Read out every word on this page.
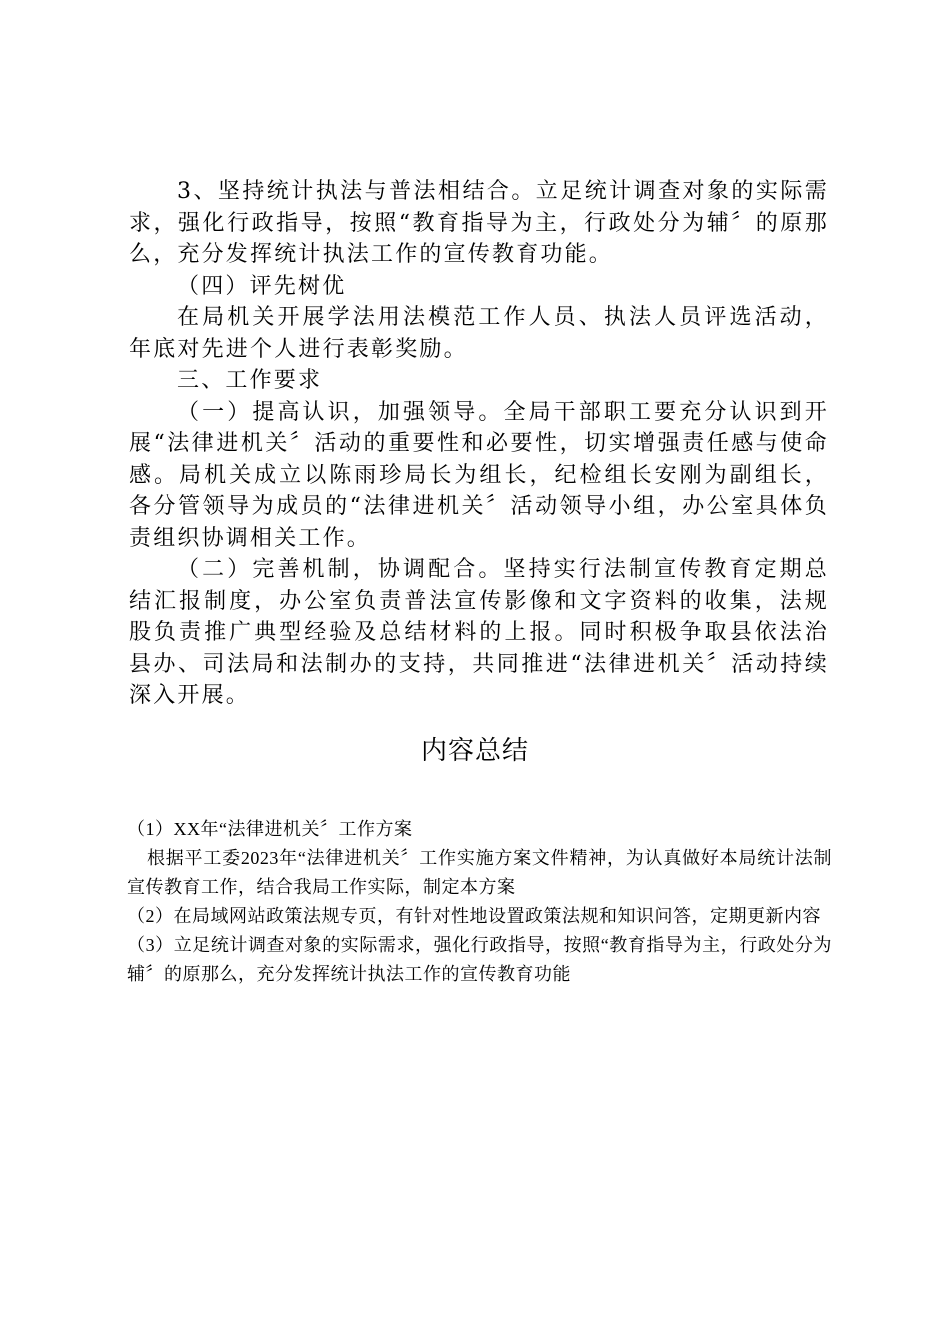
3、坚持统计执法与普法相结合。立足统计调查对象的实际需求，强化行政指导，按照“教育指导为主，行政处分为辅〞的原那么，充分发挥统计执法工作的宣传教育功能。

（四）评先树优

在局机关开展学法用法模范工作人员、执法人员评选活动，年底对先进个人进行表彰奖励。

三、工作要求

（一）提高认识，加强领导。全局干部职工要充分认识到开展“法律进机关〞活动的重要性和必要性，切实增强责任感与使命感。局机关成立以陈雨珍局长为组长，纪检组长安刚为副组长，各分管领导为成员的“法律进机关〞活动领导小组，办公室具体负责组织协调相关工作。

（二）完善机制，协调配合。坚持实行法制宣传教育定期总结汇报制度，办公室负责普法宣传影像和文字资料的收集，法规股负责推广典型经验及总结材料的上报。同时积极争取县依法治县办、司法局和法制办的支持，共同推进“法律进机关〞活动持续深入开展。

内容总结

（1）XX年“法律进机关〞工作方案

根据平工委2023年“法律进机关〞工作实施方案文件精神，为认真做好本局统计法制宣传教育工作，结合我局工作实际，制定本方案

（2）在局域网站政策法规专页，有针对性地设置政策法规和知识问答，定期更新内容

（3）立足统计调查对象的实际需求，强化行政指导，按照“教育指导为主，行政处分为辅〞的原那么，充分发挥统计执法工作的宣传教育功能
